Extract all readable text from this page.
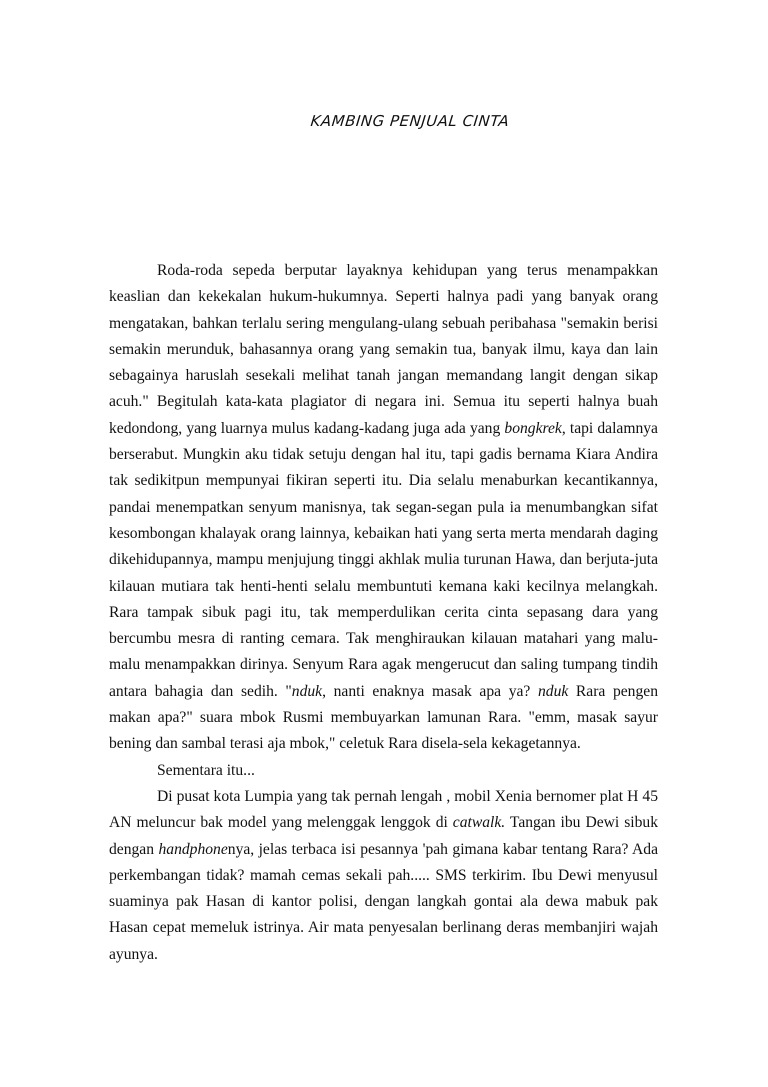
KAMBING PENJUAL CINTA

Roda-roda sepeda berputar layaknya kehidupan yang terus menampakkan keaslian dan kekekalan hukum-hukumnya. Seperti halnya padi yang banyak orang mengatakan, bahkan terlalu sering mengulang-ulang sebuah peribahasa "semakin berisi semakin merunduk, bahasannya orang yang semakin tua, banyak ilmu, kaya dan lain sebagainya haruslah sesekali melihat tanah jangan memandang langit dengan sikap acuh." Begitulah kata-kata plagiator di negara ini. Semua itu seperti halnya buah kedondong, yang luarnya mulus kadang-kadang juga ada yang bongkrek, tapi dalamnya berserabut. Mungkin aku tidak setuju dengan hal itu, tapi gadis bernama Kiara Andira tak sedikitpun mempunyai fikiran seperti itu. Dia selalu menaburkan kecantikannya, pandai menempatkan senyum manisnya, tak segan-segan pula ia menumbangkan sifat kesombongan khalayak orang lainnya, kebaikan hati yang serta merta mendarah daging dikehidupannya, mampu menjujung tinggi akhlak mulia turunan Hawa, dan berjuta-juta kilauan mutiara tak henti-henti selalu membuntuti kemana kaki kecilnya melangkah. Rara tampak sibuk pagi itu, tak memperdulikan cerita cinta sepasang dara yang bercumbu mesra di ranting cemara. Tak menghiraukan kilauan matahari yang malu-malu menampakkan dirinya. Senyum Rara agak mengerucut dan saling tumpang tindih antara bahagia dan sedih. "nduk, nanti enaknya masak apa ya? nduk Rara pengen makan apa?" suara mbok Rusmi membuyarkan lamunan Rara. "emm, masak sayur bening dan sambal terasi aja mbok," celetuk Rara disela-sela kekagetannya.

Sementara itu...

Di pusat kota Lumpia yang tak pernah lengah , mobil Xenia bernomer plat H 45 AN meluncur bak model yang melenggak lenggok di catwalk. Tangan ibu Dewi sibuk dengan handphonenya, jelas terbaca isi pesannya 'pah gimana kabar tentang Rara? Ada perkembangan tidak? mamah cemas sekali pah..... SMS terkirim. Ibu Dewi menyusul suaminya pak Hasan di kantor polisi, dengan langkah gontai ala dewa mabuk pak Hasan cepat memeluk istrinya. Air mata penyesalan berlinang deras membanjiri wajah ayunya.
